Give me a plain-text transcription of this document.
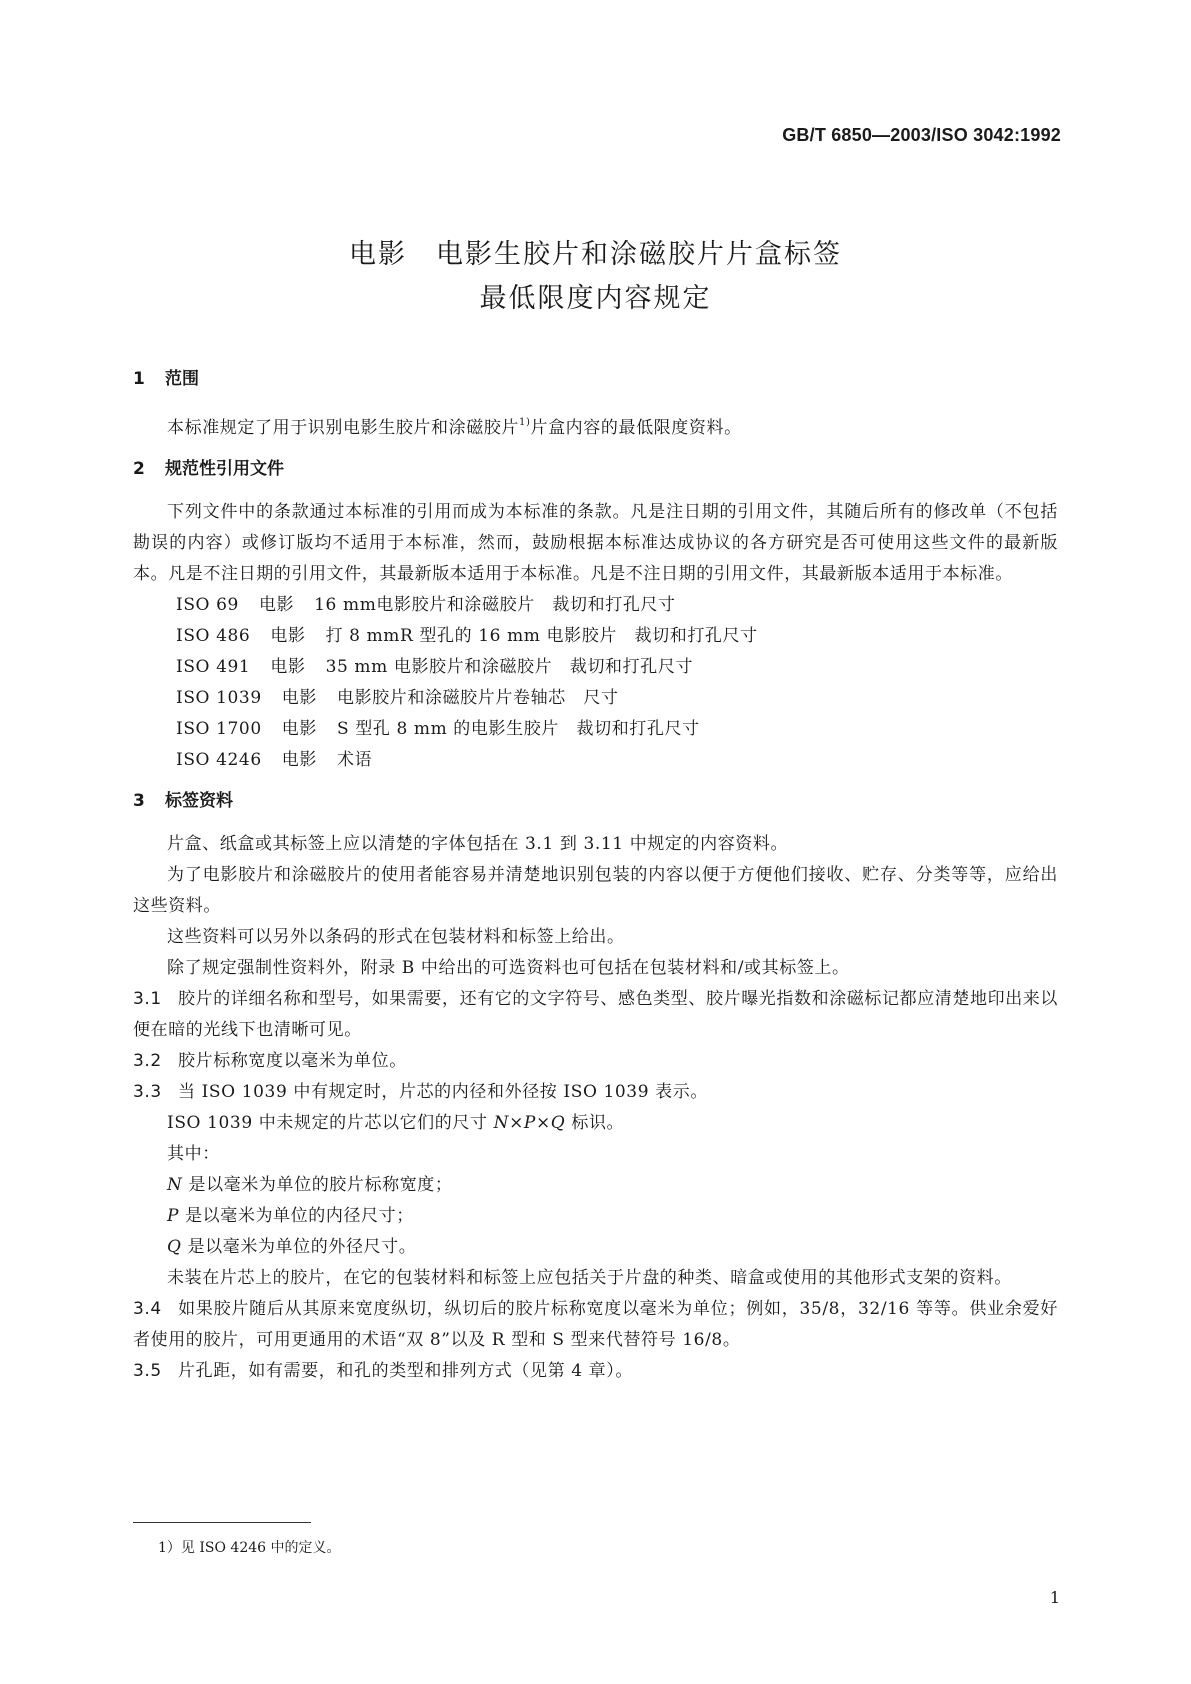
GB/T 6850—2003/ISO 3042:1992
电影　电影生胶片和涂磁胶片片盒标签
最低限度内容规定

1 范围

本标准规定了用于识别电影生胶片和涂磁胶片$^{1)}$片盒内容的最低限度资料。

2 规范性引用文件

下列文件中的条款通过本标准的引用而成为本标准的条款。凡是注日期的引用文件，其随后所有的修改单（不包括勘误的内容）或修订版均不适用于本标准，然而，鼓励根据本标准达成协议的各方研究是否可使用这些文件的最新版本。凡是不注日期的引用文件，其最新版本适用于本标准。凡是不注日期的引用文件，其最新版本适用于本标准。

ISO 69 电影 16 mm电影胶片和涂磁胶片　裁切和打孔尺寸

ISO 486 电影 打 8 mmR 型孔的 16 mm 电影胶片　裁切和打孔尺寸

ISO 491 电影 35 mm 电影胶片和涂磁胶片　裁切和打孔尺寸

ISO 1039 电影 电影胶片和涂磁胶片片卷轴芯　尺寸

ISO 1700 电影 S 型孔 8 mm 的电影生胶片　裁切和打孔尺寸

ISO 4246 电影 术语

3 标签资料

片盒、纸盒或其标签上应以清楚的字体包括在 3.1 到 3.11 中规定的内容资料。

为了电影胶片和涂磁胶片的使用者能容易并清楚地识别包装的内容以便于方便他们接收、贮存、分类等等，应给出这些资料。

这些资料可以另外以条码的形式在包装材料和标签上给出。

除了规定强制性资料外，附录 B 中给出的可选资料也可包括在包装材料和/或其标签上。

3.1 胶片的详细名称和型号，如果需要，还有它的文字符号、感色类型、胶片曝光指数和涂磁标记都应清楚地印出来以便在暗的光线下也清晰可见。

3.2 胶片标称宽度以毫米为单位。

3.3 当 ISO 1039 中有规定时，片芯的内径和外径按 ISO 1039 表示。

ISO 1039 中未规定的片芯以它们的尺寸 N×P×Q 标识。

其中：

N 是以毫米为单位的胶片标称宽度；

P 是以毫米为单位的内径尺寸；

Q 是以毫米为单位的外径尺寸。

未装在片芯上的胶片，在它的包装材料和标签上应包括关于片盘的种类、暗盒或使用的其他形式支架的资料。

3.4 如果胶片随后从其原来宽度纵切，纵切后的胶片标称宽度以毫米为单位；例如，35/8，32/16 等等。供业余爱好者使用的胶片，可用更通用的术语“双 8”以及 R 型和 S 型来代替符号 16/8。

3.5 片孔距，如有需要，和孔的类型和排列方式（见第 4 章）。

1）见 ISO 4246 中的定义。
1
